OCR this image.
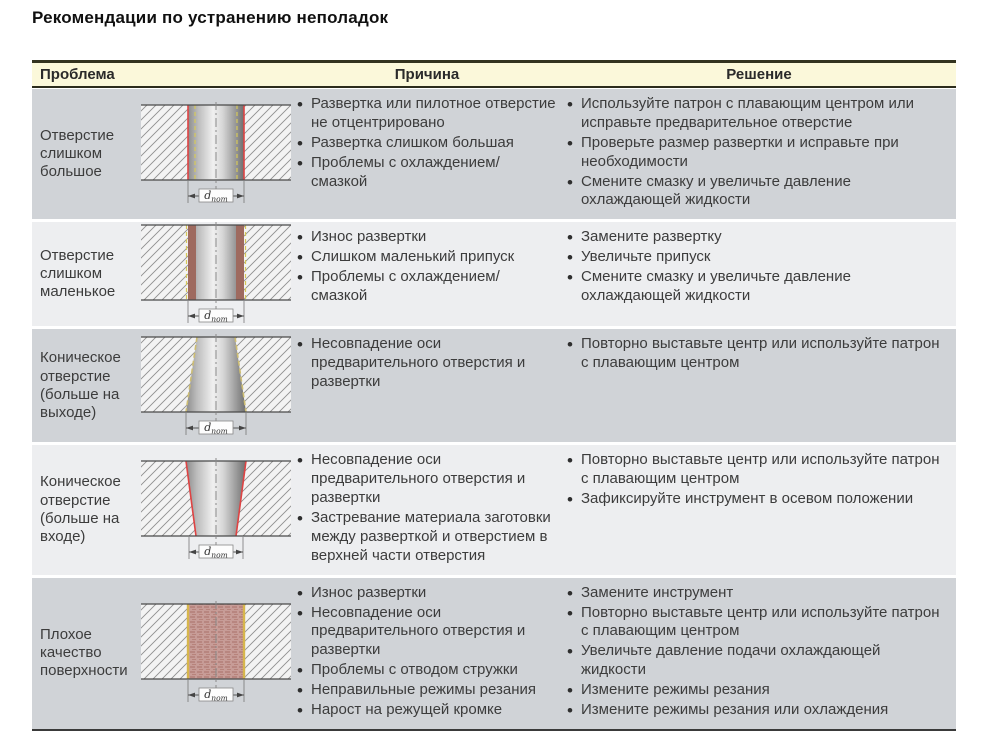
Рекомендации по устранению неполадок
Проблема	Причина	Решение
Отверстие слишком большое
$d_{nom}$
• Развертка или пилотное отверстие не отцентрировано
• Развертка слишком большая
• Проблемы с охлаждением/смазкой
• Используйте патрон с плавающим центром или исправьте предварительное отверстие
• Проверьте размер развертки и исправьте при необходимости
• Смените смазку и увеличьте давление охлаждающей жидкости
Отверстие слишком маленькое
$d_{nom}$
• Износ развертки
• Слишком маленький припуск
• Проблемы с охлаждением/смазкой
• Замените развертку
• Увеличьте припуск
• Смените смазку и увеличьте давление охлаждающей жидкости
Коническое отверстие (больше на выходе)
$d_{nom}$
• Несовпадение оси предварительного отверстия и развертки
• Повторно выставьте центр или используйте патрон с плавающим центром
Коническое отверстие (больше на входе)
$d_{nom}$
• Несовпадение оси предварительного отверстия и развертки
• Застревание материала заготовки между разверткой и отверстием в верхней части отверстия
• Повторно выставьте центр или используйте патрон с плавающим центром
• Зафиксируйте инструмент в осевом положении
Плохое качество поверхности
$d_{nom}$
• Износ развертки
• Несовпадение оси предварительного отверстия и развертки
• Проблемы с отводом стружки
• Неправильные режимы резания
• Нарост на режущей кромке
• Замените инструмент
• Повторно выставьте центр или используйте патрон с плавающим центром
• Увеличьте давление подачи охлаждающей жидкости
• Измените режимы резания
• Измените режимы резания или охлаждения
